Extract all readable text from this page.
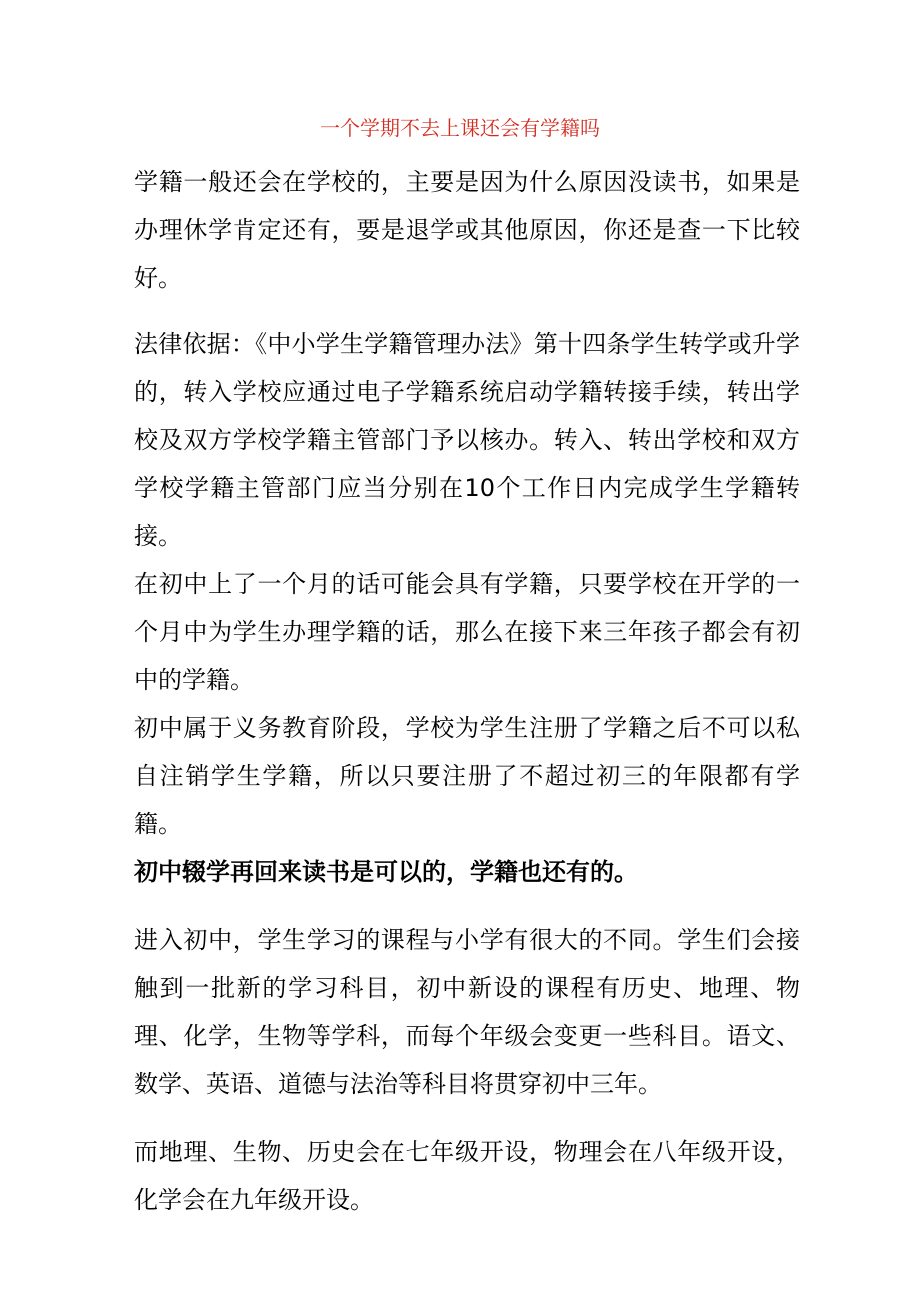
一个学期不去上课还会有学籍吗

学籍一般还会在学校的，主要是因为什么原因没读书，如果是办理休学肯定还有，要是退学或其他原因，你还是查一下比较好。

法律依据：《中小学生学籍管理办法》第十四条学生转学或升学的，转入学校应通过电子学籍系统启动学籍转接手续，转出学校及双方学校学籍主管部门予以核办。转入、转出学校和双方学校学籍主管部门应当分别在10个工作日内完成学生学籍转接。

在初中上了一个月的话可能会具有学籍，只要学校在开学的一个月中为学生办理学籍的话，那么在接下来三年孩子都会有初中的学籍。

初中属于义务教育阶段，学校为学生注册了学籍之后不可以私自注销学生学籍，所以只要注册了不超过初三的年限都有学籍。

初中辍学再回来读书是可以的，学籍也还有的。

进入初中，学生学习的课程与小学有很大的不同。学生们会接触到一批新的学习科目，初中新设的课程有历史、地理、物理、化学，生物等学科，而每个年级会变更一些科目。语文、数学、英语、道德与法治等科目将贯穿初中三年。

而地理、生物、历史会在七年级开设，物理会在八年级开设，化学会在九年级开设。
